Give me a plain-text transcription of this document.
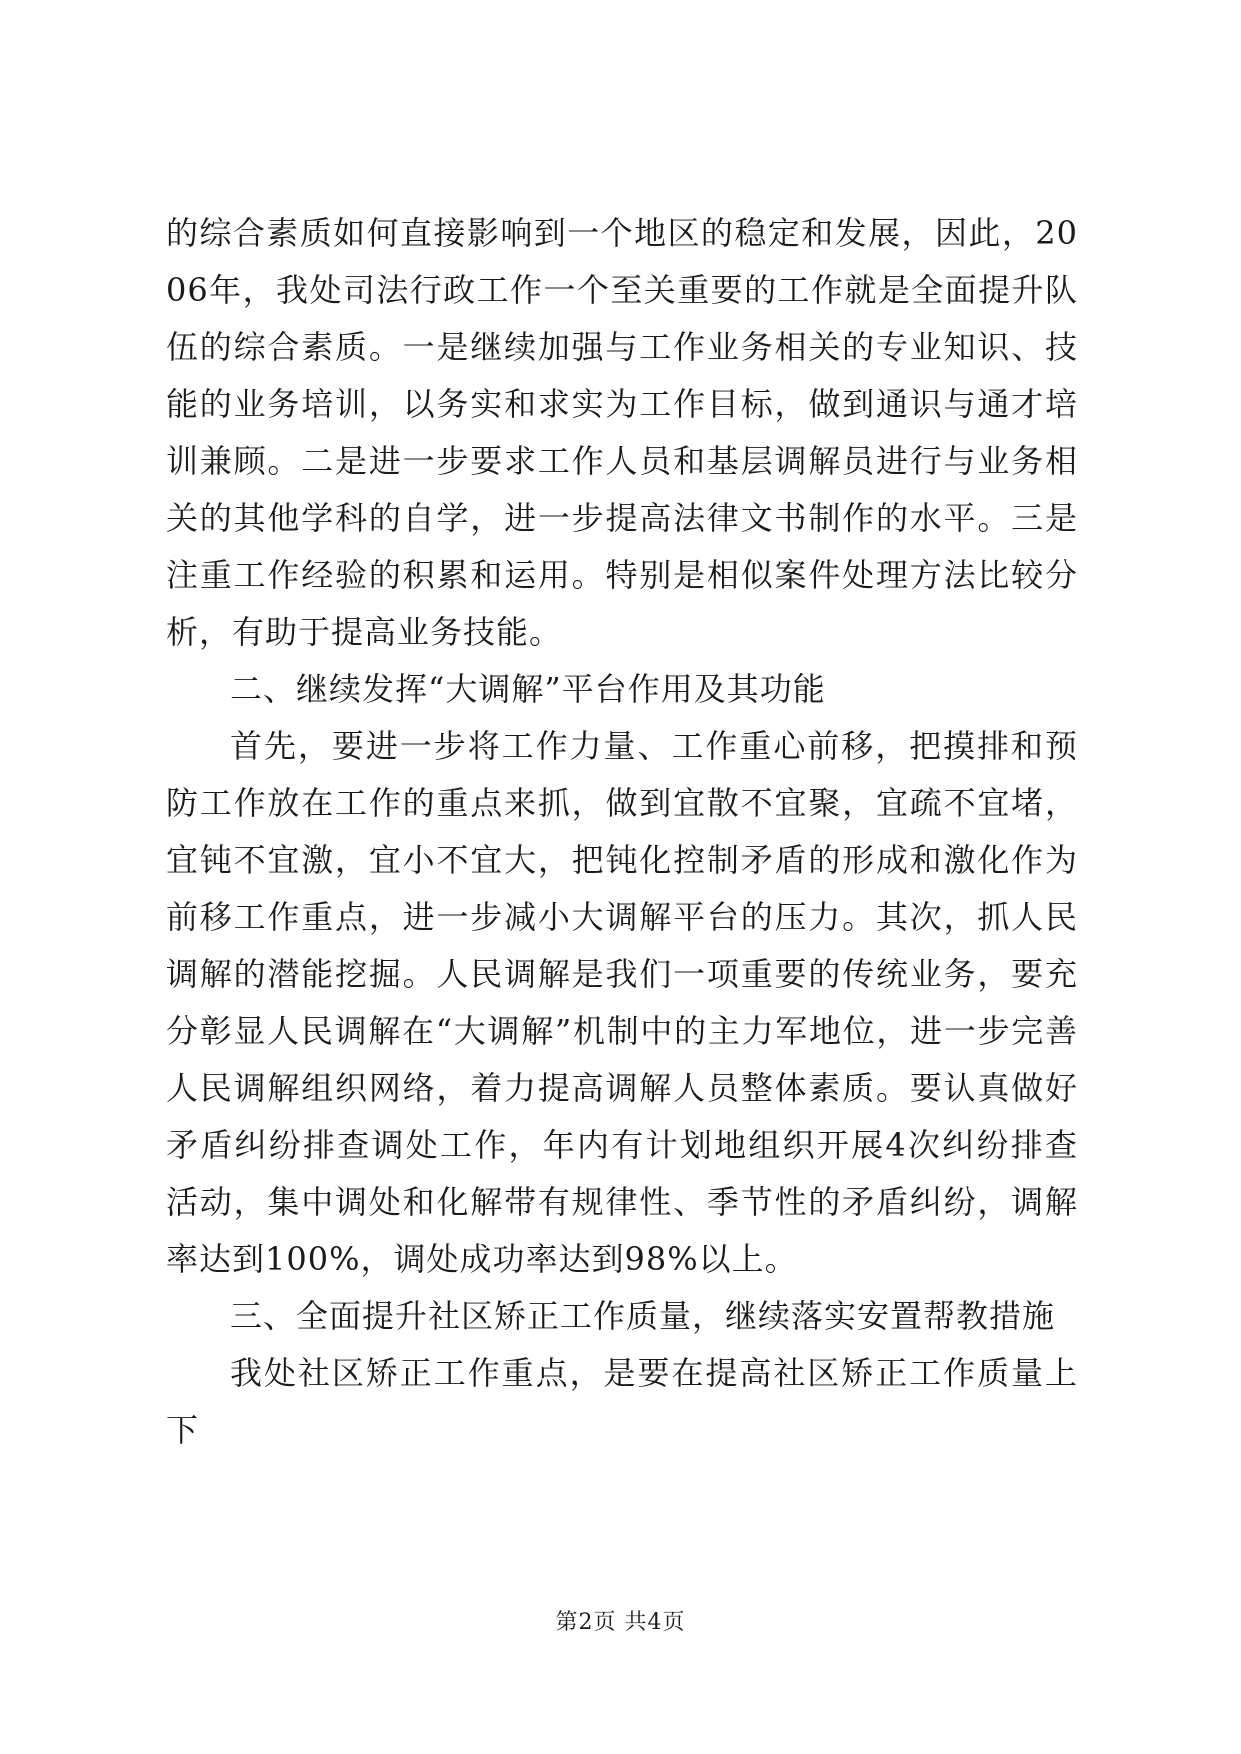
的综合素质如何直接影响到一个地区的稳定和发展，因此，2006年，我处司法行政工作一个至关重要的工作就是全面提升队伍的综合素质。一是继续加强与工作业务相关的专业知识、技能的业务培训，以务实和求实为工作目标，做到通识与通才培训兼顾。二是进一步要求工作人员和基层调解员进行与业务相关的其他学科的自学，进一步提高法律文书制作的水平。三是注重工作经验的积累和运用。特别是相似案件处理方法比较分析，有助于提高业务技能。

二、继续发挥“大调解”平台作用及其功能

首先，要进一步将工作力量、工作重心前移，把摸排和预防工作放在工作的重点来抓，做到宜散不宜聚，宜疏不宜堵，宜钝不宜激，宜小不宜大，把钝化控制矛盾的形成和激化作为前移工作重点，进一步减小大调解平台的压力。其次，抓人民调解的潜能挖掘。人民调解是我们一项重要的传统业务，要充分彰显人民调解在“大调解”机制中的主力军地位，进一步完善人民调解组织网络，着力提高调解人员整体素质。要认真做好矛盾纠纷排查调处工作，年内有计划地组织开展4次纠纷排查活动，集中调处和化解带有规律性、季节性的矛盾纠纷，调解率达到100%，调处成功率达到98%以上。

三、全面提升社区矫正工作质量，继续落实安置帮教措施

我处社区矫正工作重点，是要在提高社区矫正工作质量上下

第2页 共4页
